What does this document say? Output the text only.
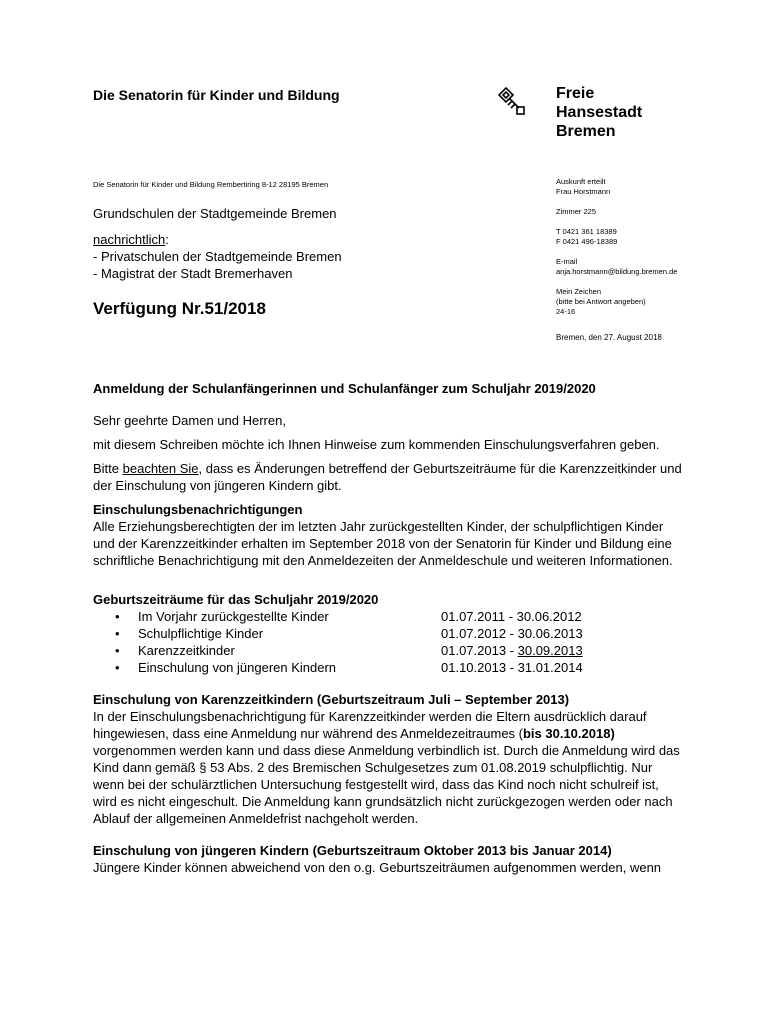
Die Senatorin für Kinder und Bildung	Freie
Hansestadt
Bremen
Die Senatorin für Kinder und Bildung Rembertiring 8-12 28195 Bremen
Grundschulen der Stadtgemeinde Bremen
nachrichtlich:
- Privatschulen der Stadtgemeinde Bremen
- Magistrat der Stadt Bremerhaven
Verfügung Nr.51/2018
Auskunft erteilt
Frau Horstmann
Zimmer 225
T 0421 361 18389
F 0421 496-18389
E-mail
anja.horstmann@bildung.bremen.de
Mein Zeichen
(bitte bei Antwort angeben)
24-16
Bremen, den 27. August 2018
Anmeldung der Schulanfängerinnen und Schulanfänger zum Schuljahr 2019/2020

Sehr geehrte Damen und Herren,

mit diesem Schreiben möchte ich Ihnen Hinweise zum kommenden Einschulungsverfahren geben.

Bitte beachten Sie, dass es Änderungen betreffend der Geburtszeiträume für die Karenzzeitkinder und der Einschulung von jüngeren Kindern gibt.

Einschulungsbenachrichtigungen

Alle Erziehungsberechtigten der im letzten Jahr zurückgestellten Kinder, der schulpflichtigen Kinder und der Karenzzeitkinder erhalten im September 2018 von der Senatorin für Kinder und Bildung eine schriftliche Benachrichtigung mit den Anmeldezeiten der Anmeldeschule und weiteren Informationen.

Geburtszeiträume für das Schuljahr 2019/2020
• Im Vorjahr zurückgestellte Kinder	01.07.2011 - 30.06.2012
• Schulpflichtige Kinder	01.07.2012 - 30.06.2013
• Karenzzeitkinder	01.07.2013 - 30.09.2013
• Einschulung von jüngeren Kindern	01.10.2013 - 31.01.2014
Einschulung von Karenzzeitkindern (Geburtszeitraum Juli – September 2013)

In der Einschulungsbenachrichtigung für Karenzzeitkinder werden die Eltern ausdrücklich darauf hingewiesen, dass eine Anmeldung nur während des Anmeldezeitraumes (bis 30.10.2018) vorgenommen werden kann und dass diese Anmeldung verbindlich ist. Durch die Anmeldung wird das Kind dann gemäß § 53 Abs. 2 des Bremischen Schulgesetzes zum 01.08.2019 schulpflichtig. Nur wenn bei der schulärztlichen Untersuchung festgestellt wird, dass das Kind noch nicht schulreif ist, wird es nicht eingeschult. Die Anmeldung kann grundsätzlich nicht zurückgezogen werden oder nach Ablauf der allgemeinen Anmeldefrist nachgeholt werden.

Einschulung von jüngeren Kindern (Geburtszeitraum Oktober 2013 bis Januar 2014)

Jüngere Kinder können abweichend von den o.g. Geburtszeiträumen aufgenommen werden, wenn
